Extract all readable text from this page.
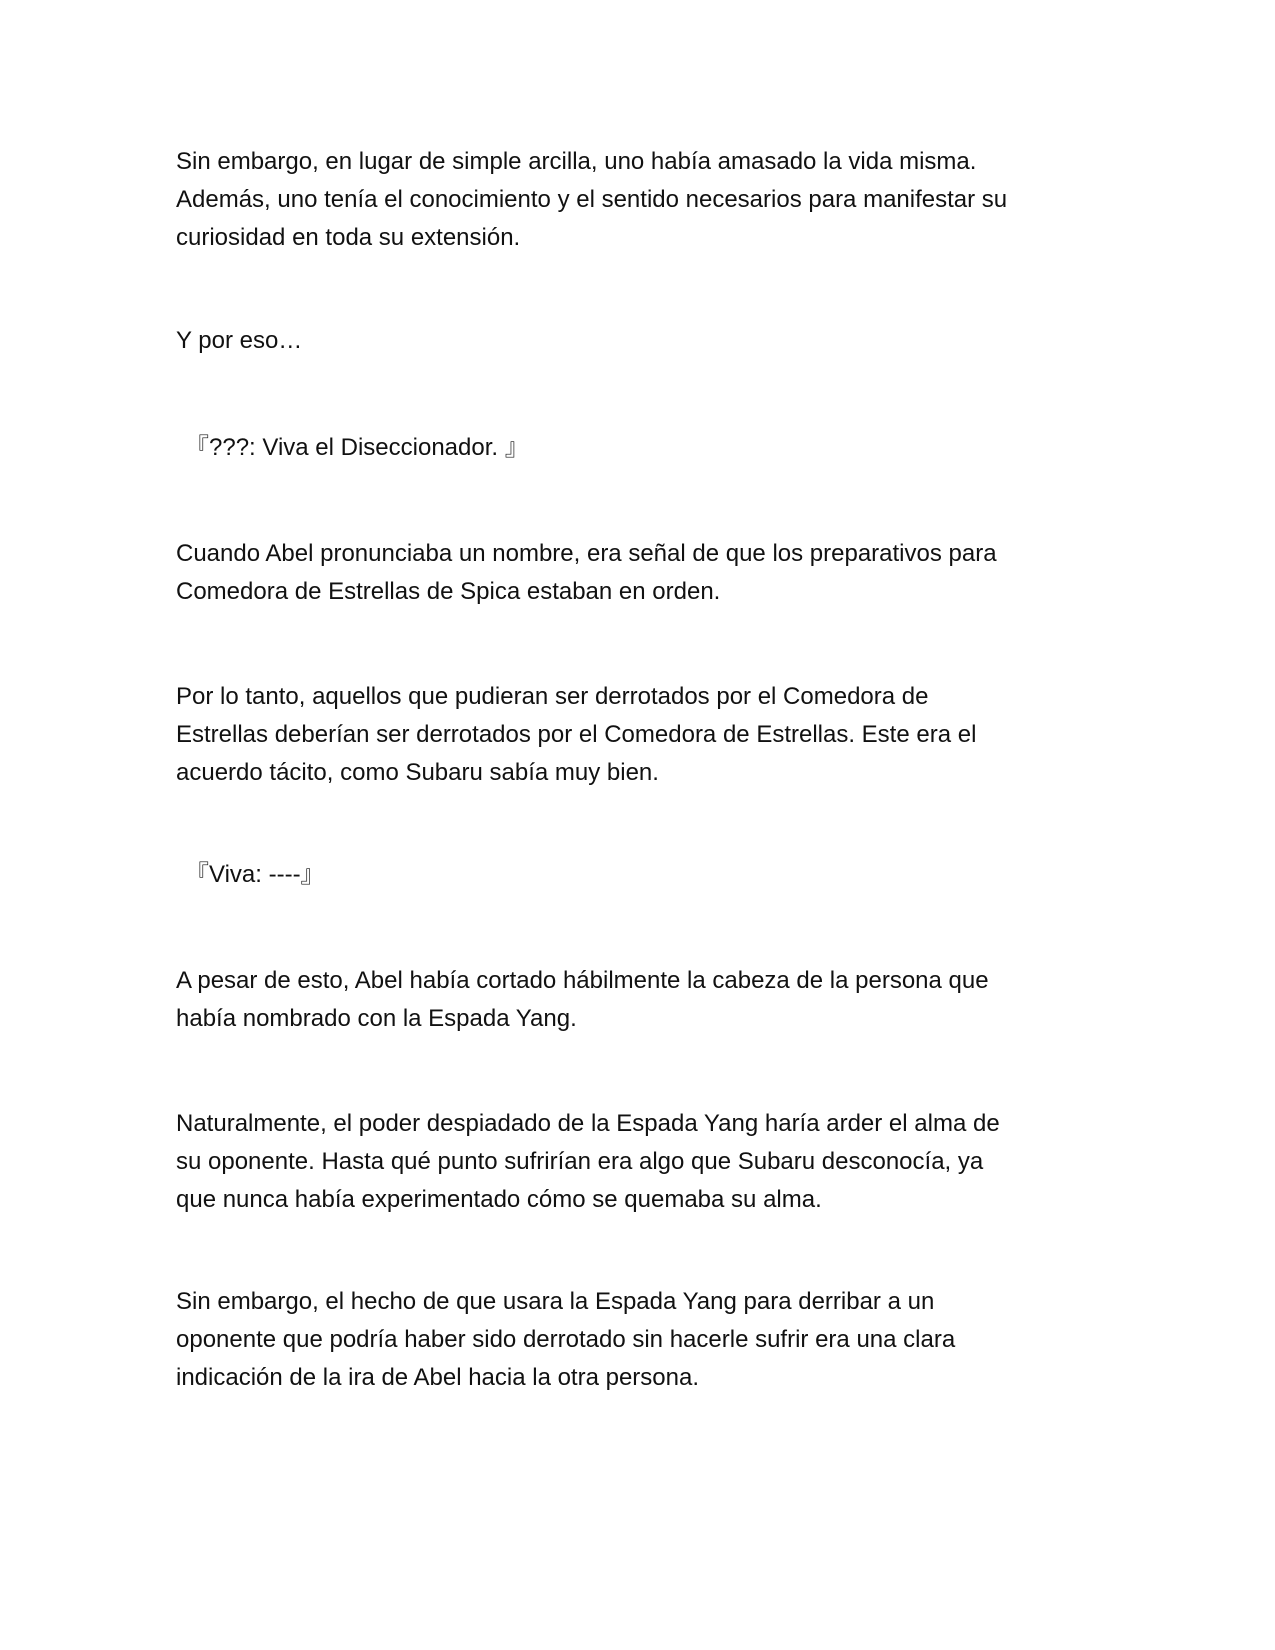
Sin embargo, en lugar de simple arcilla, uno había amasado la vida misma.
Además, uno tenía el conocimiento y el sentido necesarios para manifestar su
curiosidad en toda su extensión.
Y por eso…
『???: Viva el Diseccionador. 』
Cuando Abel pronunciaba un nombre, era señal de que los preparativos para
Comedora de Estrellas de Spica estaban en orden.
Por lo tanto, aquellos que pudieran ser derrotados por el Comedora de
Estrellas deberían ser derrotados por el Comedora de Estrellas. Este era el
acuerdo tácito, como Subaru sabía muy bien.
『Viva: ----』
A pesar de esto, Abel había cortado hábilmente la cabeza de la persona que
había nombrado con la Espada Yang.
Naturalmente, el poder despiadado de la Espada Yang haría arder el alma de
su oponente. Hasta qué punto sufrirían era algo que Subaru desconocía, ya
que nunca había experimentado cómo se quemaba su alma.
Sin embargo, el hecho de que usara la Espada Yang para derribar a un
oponente que podría haber sido derrotado sin hacerle sufrir era una clara
indicación de la ira de Abel hacia la otra persona.
